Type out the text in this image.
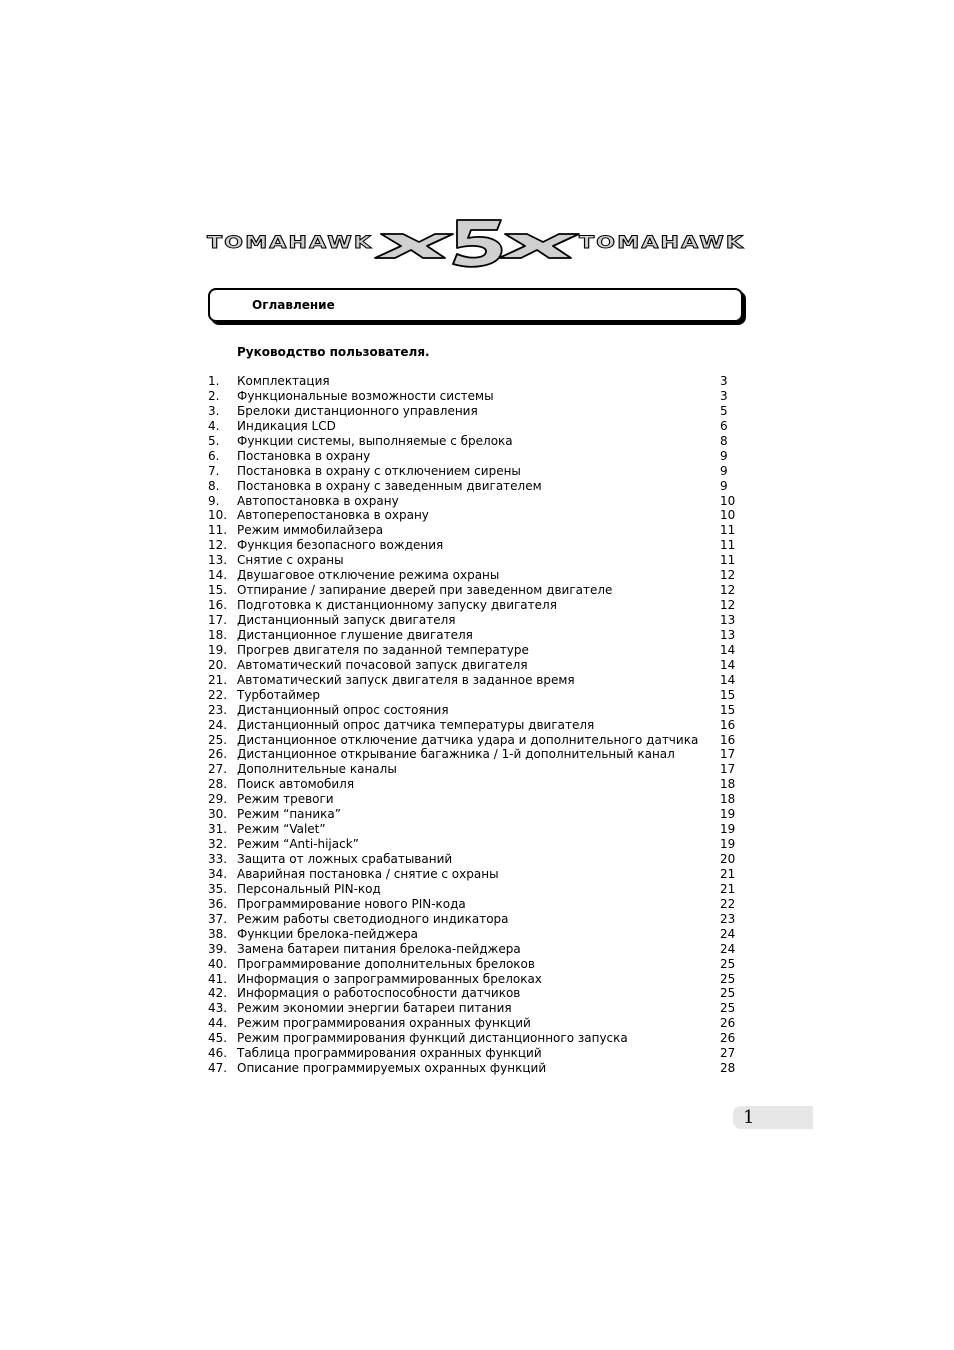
TOMAHAWK	TOMAHAWK
Оглавление
Руководство пользователя.
1. Комплектация	3
2. Функциональные возможности системы	3
3. Брелоки дистанционного управления	5
4. Индикация LCD	6
5. Функции системы, выполняемые с брелока	8
6. Постановка в охрану	9
7. Постановка в охрану с отключением сирены	9
8. Постановка в охрану с заведенным двигателем	9
9. Автопостановка в охрану	10
10. Автоперепостановка в охрану	10
11. Режим иммобилайзера	11
12. Функция безопасного вождения	11
13. Снятие с охраны	11
14. Двушаговое отключение режима охраны	12
15. Отпирание / запирание дверей при заведенном двигателе	12
16. Подготовка к дистанционному запуску двигателя	12
17. Дистанционный запуск двигателя	13
18. Дистанционное глушение двигателя	13
19. Прогрев двигателя по заданной температуре	14
20. Автоматический почасовой запуск двигателя	14
21. Автоматический запуск двигателя в заданное время	14
22. Турботаймер	15
23. Дистанционный опрос состояния	15
24. Дистанционный опрос датчика температуры двигателя	16
25. Дистанционное отключение датчика удара и дополнительного датчика 16
26. Дистанционное открывание багажника / 1-й дополнительный канал	17
27. Дополнительные каналы	17
28. Поиск автомобиля	18
29. Режим тревоги	18
30. Режим “паника”	19
31. Режим “Valet”	19
32. Режим “Anti-hijack”	19
33. Защита от ложных срабатываний	20
34. Аварийная постановка / снятие с охраны	21
35. Персональный PIN-код	21
36. Программирование нового PIN-кода	22
37. Режим работы светодиодного индикатора	23
38. Функции брелока-пейджера	24
39. Замена батареи питания брелока-пейджера	24
40. Программирование дополнительных брелоков	25
41. Информация о запрограммированных брелоках	25
42. Информация о работоспособности датчиков	25
43. Режим экономии энергии батареи питания	25
44. Режим программирования охранных функций	26
45. Режим программирования функций дистанционного запуска	26
46. Таблица программирования охранных функций	27
47. Описание программируемых охранных функций	28
1
